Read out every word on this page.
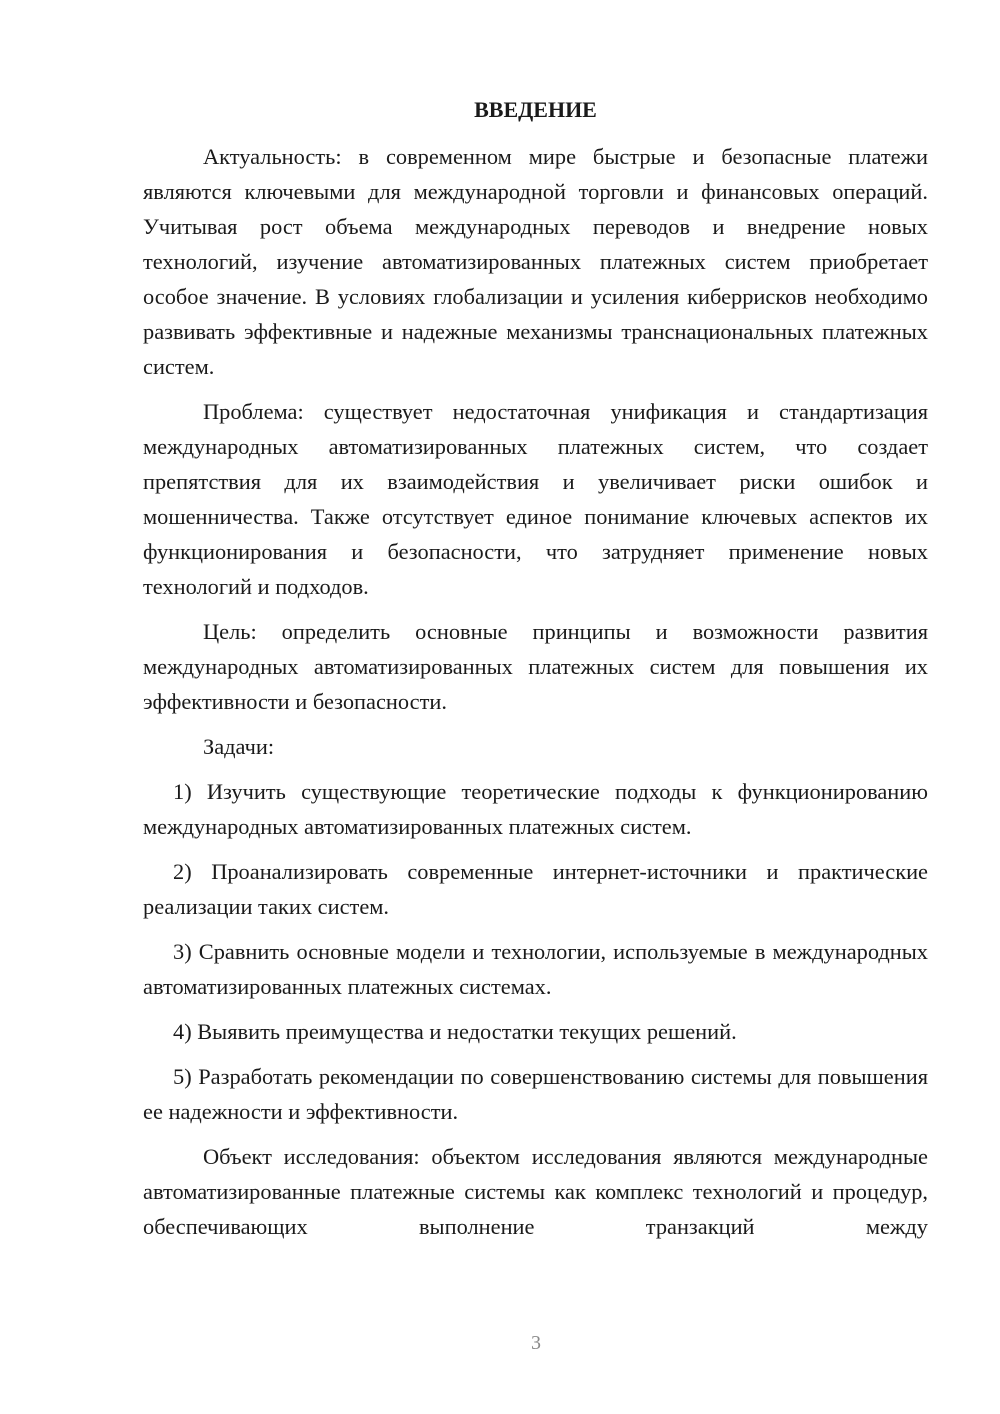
ВВЕДЕНИЕ

Актуальность: в современном мире быстрые и безопасные платежи являются ключевыми для международной торговли и финансовых операций. Учитывая рост объема международных переводов и внедрение новых технологий, изучение автоматизированных платежных систем приобретает особое значение. В условиях глобализации и усиления киберрисков необходимо развивать эффективные и надежные механизмы транснациональных платежных систем.

Проблема: существует недостаточная унификация и стандартизация международных автоматизированных платежных систем, что создает препятствия для их взаимодействия и увеличивает риски ошибок и мошенничества. Также отсутствует единое понимание ключевых аспектов их функционирования и безопасности, что затрудняет применение новых технологий и подходов.

Цель: определить основные принципы и возможности развития международных автоматизированных платежных систем для повышения их эффективности и безопасности.

Задачи:

1) Изучить существующие теоретические подходы к функционированию международных автоматизированных платежных систем.

2) Проанализировать современные интернет-источники и практические реализации таких систем.

3) Сравнить основные модели и технологии, используемые в международных автоматизированных платежных системах.

4) Выявить преимущества и недостатки текущих решений.

5) Разработать рекомендации по совершенствованию системы для повышения ее надежности и эффективности.

Объект исследования: объектом исследования являются международные автоматизированные платежные системы как комплекс технологий и процедур, обеспечивающих выполнение транзакций между

3
